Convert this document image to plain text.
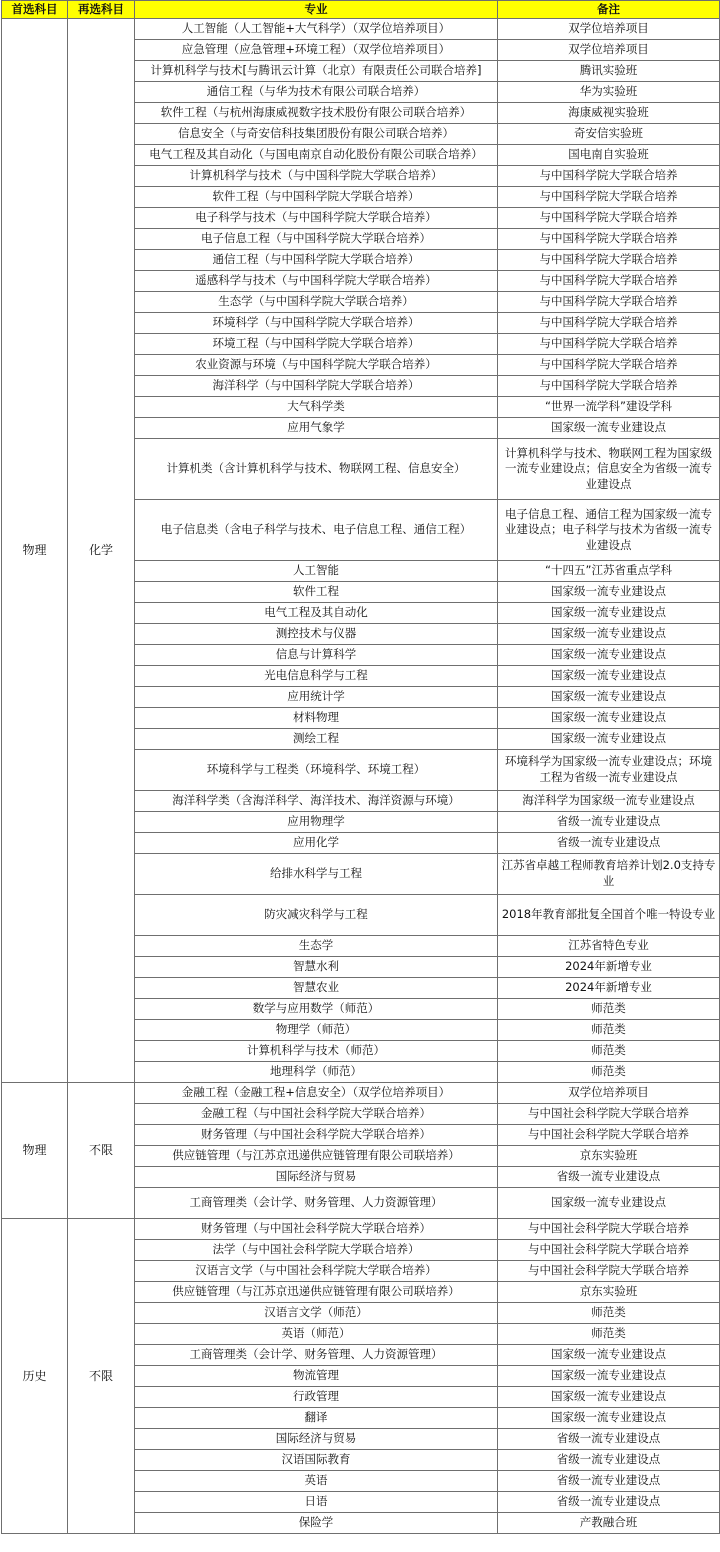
首选科目	再选科目	专业	备注
物理	化学	人工智能（人工智能+大气科学）（双学位培养项目）	双学位培养项目
		应急管理（应急管理+环境工程）（双学位培养项目）	双学位培养项目
		计算机科学与技术[与腾讯云计算（北京）有限责任公司联合培养]	腾讯实验班
		通信工程（与华为技术有限公司联合培养）	华为实验班
		软件工程（与杭州海康威视数字技术股份有限公司联合培养）	海康威视实验班
		信息安全（与奇安信科技集团股份有限公司联合培养）	奇安信实验班
		电气工程及其自动化（与国电南京自动化股份有限公司联合培养）	国电南自实验班
		计算机科学与技术（与中国科学院大学联合培养）	与中国科学院大学联合培养
		软件工程（与中国科学院大学联合培养）	与中国科学院大学联合培养
		电子科学与技术（与中国科学院大学联合培养）	与中国科学院大学联合培养
		电子信息工程（与中国科学院大学联合培养）	与中国科学院大学联合培养
		通信工程（与中国科学院大学联合培养）	与中国科学院大学联合培养
		遥感科学与技术（与中国科学院大学联合培养）	与中国科学院大学联合培养
		生态学（与中国科学院大学联合培养）	与中国科学院大学联合培养
		环境科学（与中国科学院大学联合培养）	与中国科学院大学联合培养
		环境工程（与中国科学院大学联合培养）	与中国科学院大学联合培养
		农业资源与环境（与中国科学院大学联合培养）	与中国科学院大学联合培养
		海洋科学（与中国科学院大学联合培养）	与中国科学院大学联合培养
		大气科学类	“世界一流学科”建设学科
		应用气象学	国家级一流专业建设点
		计算机类（含计算机科学与技术、物联网工程、信息安全）	计算机科学与技术、物联网工程为国家级一流专业建设点；信息安全为省级一流专业建设点
		电子信息类（含电子科学与技术、电子信息工程、通信工程）	电子信息工程、通信工程为国家级一流专业建设点；电子科学与技术为省级一流专业建设点
		人工智能	“十四五”江苏省重点学科
		软件工程	国家级一流专业建设点
		电气工程及其自动化	国家级一流专业建设点
		测控技术与仪器	国家级一流专业建设点
		信息与计算科学	国家级一流专业建设点
		光电信息科学与工程	国家级一流专业建设点
		应用统计学	国家级一流专业建设点
		材料物理	国家级一流专业建设点
		测绘工程	国家级一流专业建设点
		环境科学与工程类（环境科学、环境工程）	环境科学为国家级一流专业建设点；环境工程为省级一流专业建设点
		海洋科学类（含海洋科学、海洋技术、海洋资源与环境）	海洋科学为国家级一流专业建设点
		应用物理学	省级一流专业建设点
		应用化学	省级一流专业建设点
		给排水科学与工程	江苏省卓越工程师教育培养计划2.0支持专业
		防灾减灾科学与工程	2018年教育部批复全国首个唯一特设专业
		生态学	江苏省特色专业
		智慧水利	2024年新增专业
		智慧农业	2024年新增专业
		数学与应用数学（师范）	师范类
		物理学（师范）	师范类
		计算机科学与技术（师范）	师范类
		地理科学（师范）	师范类
物理	不限	金融工程（金融工程+信息安全）（双学位培养项目）	双学位培养项目
		金融工程（与中国社会科学院大学联合培养）	与中国社会科学院大学联合培养
		财务管理（与中国社会科学院大学联合培养）	与中国社会科学院大学联合培养
		供应链管理（与江苏京迅递供应链管理有限公司联培养）	京东实验班
		国际经济与贸易	省级一流专业建设点
		工商管理类（会计学、财务管理、人力资源管理）	国家级一流专业建设点
历史	不限	财务管理（与中国社会科学院大学联合培养）	与中国社会科学院大学联合培养
		法学（与中国社会科学院大学联合培养）	与中国社会科学院大学联合培养
		汉语言文学（与中国社会科学院大学联合培养）	与中国社会科学院大学联合培养
		供应链管理（与江苏京迅递供应链管理有限公司联培养）	京东实验班
		汉语言文学（师范）	师范类
		英语（师范）	师范类
		工商管理类（会计学、财务管理、人力资源管理）	国家级一流专业建设点
		物流管理	国家级一流专业建设点
		行政管理	国家级一流专业建设点
		翻译	国家级一流专业建设点
		国际经济与贸易	省级一流专业建设点
		汉语国际教育	省级一流专业建设点
		英语	省级一流专业建设点
		日语	省级一流专业建设点
		保险学	产教融合班
